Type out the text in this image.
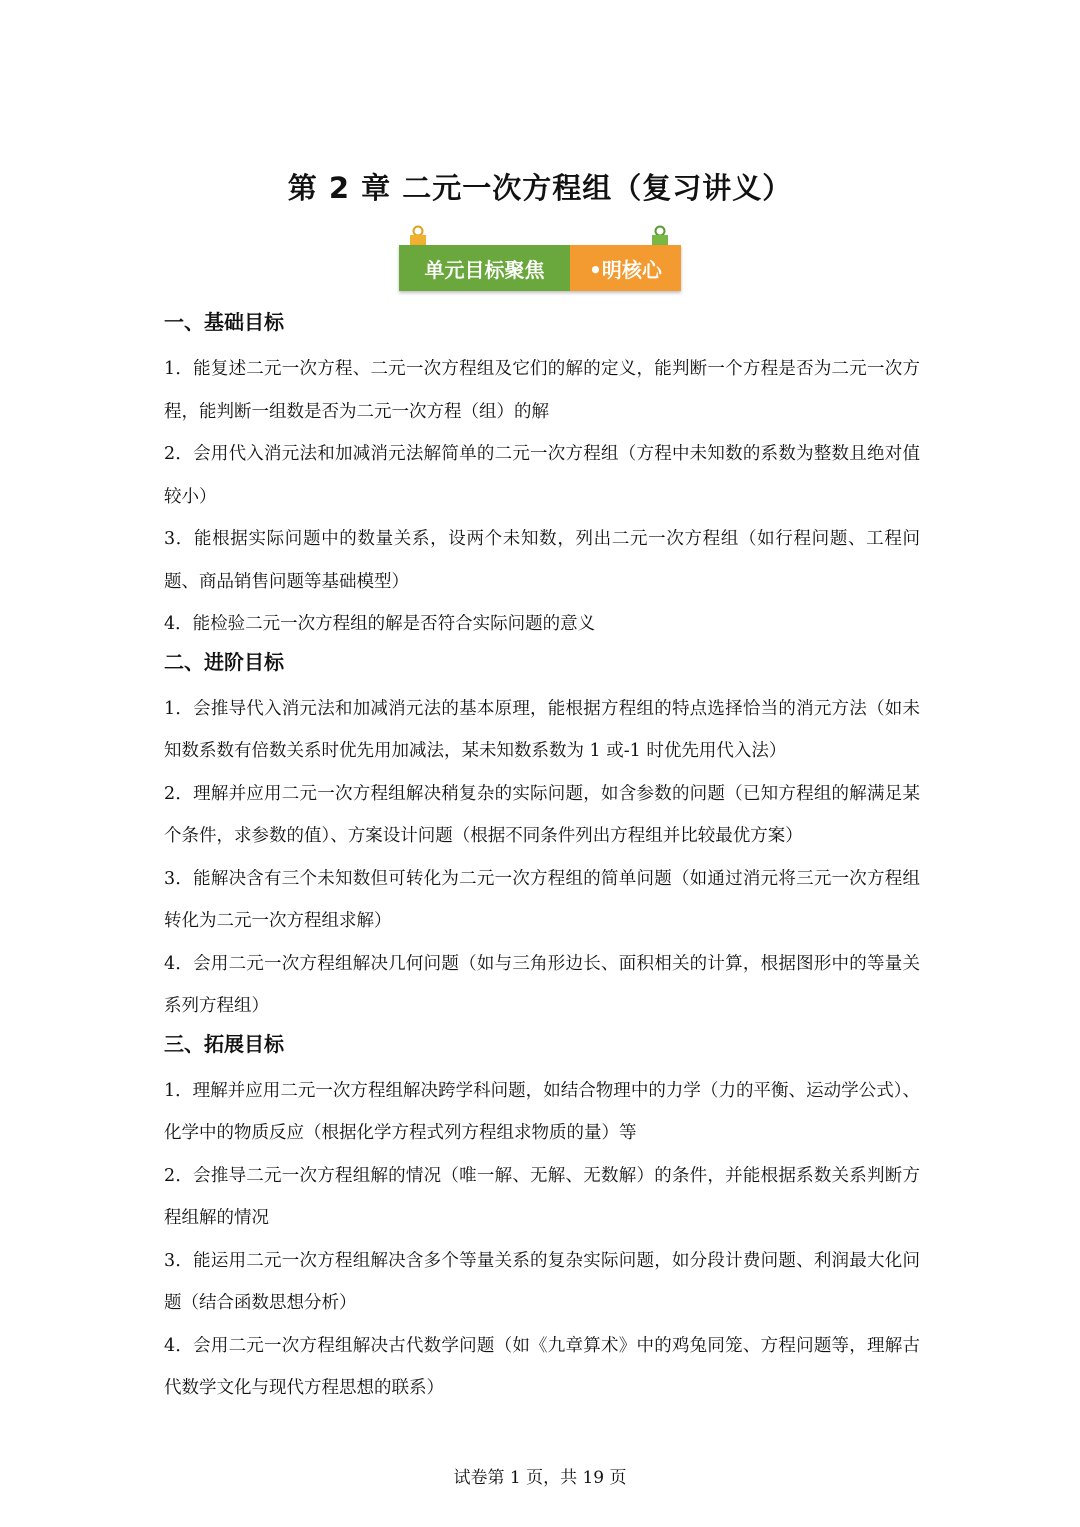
第 2 章 二元一次方程组（复习讲义）
单元目标聚焦	•明核心
一、基础目标
1．能复述二元一次方程、二元一次方程组及它们的解的定义，能判断一个方程是否为二元一次方程，能判断一组数是否为二元一次方程（组）的解
2．会用代入消元法和加减消元法解简单的二元一次方程组（方程中未知数的系数为整数且绝对值较小）
3．能根据实际问题中的数量关系，设两个未知数，列出二元一次方程组（如行程问题、工程问题、商品销售问题等基础模型）
4．能检验二元一次方程组的解是否符合实际问题的意义
二、进阶目标
1．会推导代入消元法和加减消元法的基本原理，能根据方程组的特点选择恰当的消元方法（如未知数系数有倍数关系时优先用加减法，某未知数系数为 1 或-1 时优先用代入法）
2．理解并应用二元一次方程组解决稍复杂的实际问题，如含参数的问题（已知方程组的解满足某个条件，求参数的值）、方案设计问题（根据不同条件列出方程组并比较最优方案）
3．能解决含有三个未知数但可转化为二元一次方程组的简单问题（如通过消元将三元一次方程组转化为二元一次方程组求解）
4．会用二元一次方程组解决几何问题（如与三角形边长、面积相关的计算，根据图形中的等量关系列方程组）
三、拓展目标
1．理解并应用二元一次方程组解决跨学科问题，如结合物理中的力学（力的平衡、运动学公式）、化学中的物质反应（根据化学方程式列方程组求物质的量）等
2．会推导二元一次方程组解的情况（唯一解、无解、无数解）的条件，并能根据系数关系判断方程组解的情况
3．能运用二元一次方程组解决含多个等量关系的复杂实际问题，如分段计费问题、利润最大化问题（结合函数思想分析）
4．会用二元一次方程组解决古代数学问题（如《九章算术》中的鸡兔同笼、方程问题等，理解古代数学文化与现代方程思想的联系）
试卷第 1 页，共 19 页
